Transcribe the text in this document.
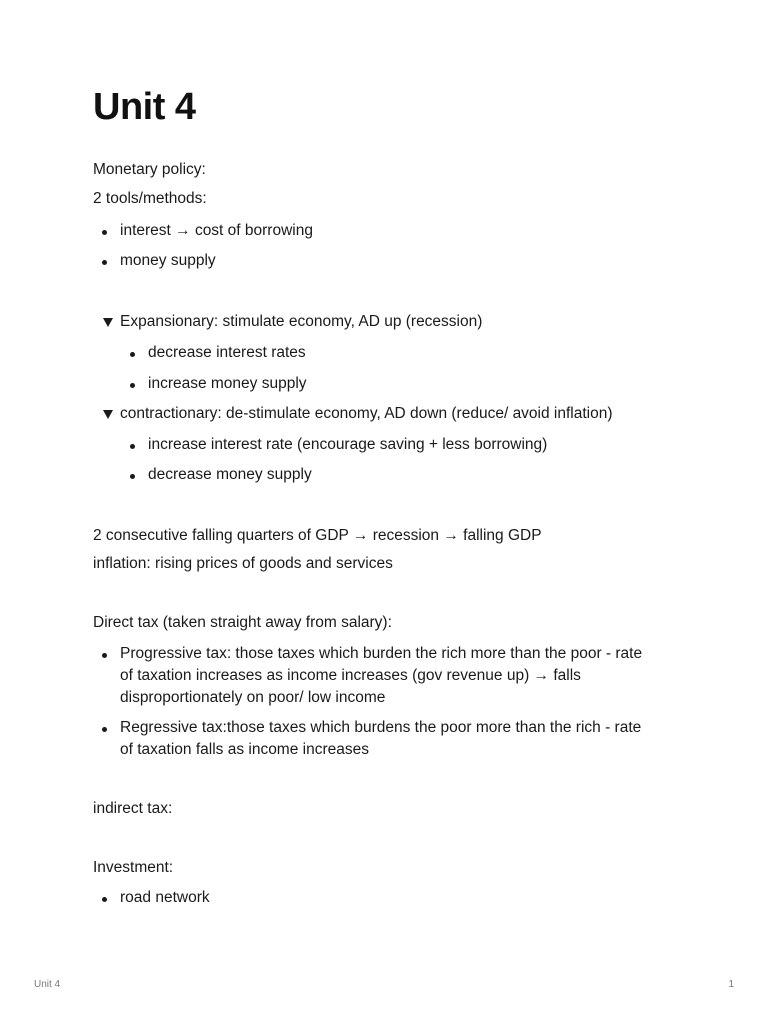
Unit 4
Monetary policy:
2 tools/methods:
interest → cost of borrowing
money supply
Expansionary: stimulate economy, AD up (recession)
decrease interest rates
increase money supply
contractionary: de-stimulate economy, AD down (reduce/ avoid inflation)
increase interest rate (encourage saving + less borrowing)
decrease money supply
2 consecutive falling quarters of GDP → recession → falling GDP
inflation: rising prices of goods and services
Direct tax (taken straight away from salary):
Progressive tax: those taxes which burden the rich more than the poor - rate of taxation increases as income increases (gov revenue up) → falls disproportionately on poor/ low income
Regressive tax:those taxes which burdens the poor more than the rich - rate of taxation falls as income increases
indirect tax:
Investment:
road network
Unit 4	1
